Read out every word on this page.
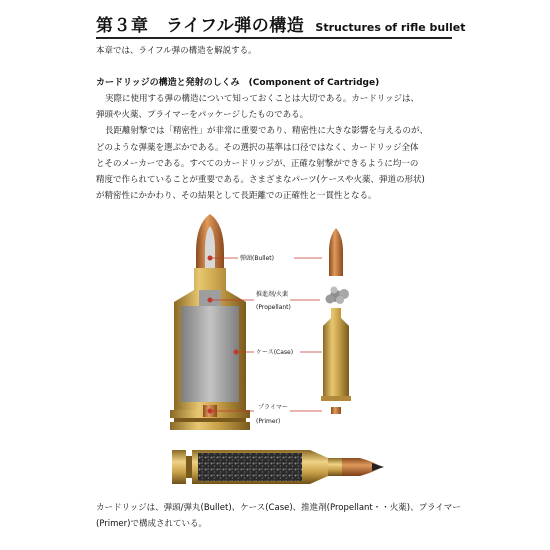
第３章　ライフル弾の構造 Structures of rifle bullet
本章では、ライフル弾の構造を解説する。
カードリッジの構造と発射のしくみ　(Component of Cartridge)

実際に使用する弾の構造について知っておくことは大切である。カードリッジは、

弾頭や火薬、プライマーをパッケージしたものである。

長距離射撃では「精密性」が非常に重要であり、精密性に大きな影響を与えるのが、

どのような弾薬を選ぶかである。その選択の基準は口径ではなく、カードリッジ全体

とそのメーカーである。すべてのカードリッジが、正確な射撃ができるように均一の

精度で作られていることが重要である。さまざまなパーツ(ケースや火薬、弾道の形状)

が精密性にかかわり、その結果として長距離での正確性と一貫性となる。

弾頭(Bullet)
推進剤/火薬
(Propellant)
ケース(Case)
プライマー
(Primer)
カードリッジは、弾頭/弾丸(Bullet)、ケース(Case)、推進剤(Propellant・・火薬)、プライマー
(Primer)で構成されている。
